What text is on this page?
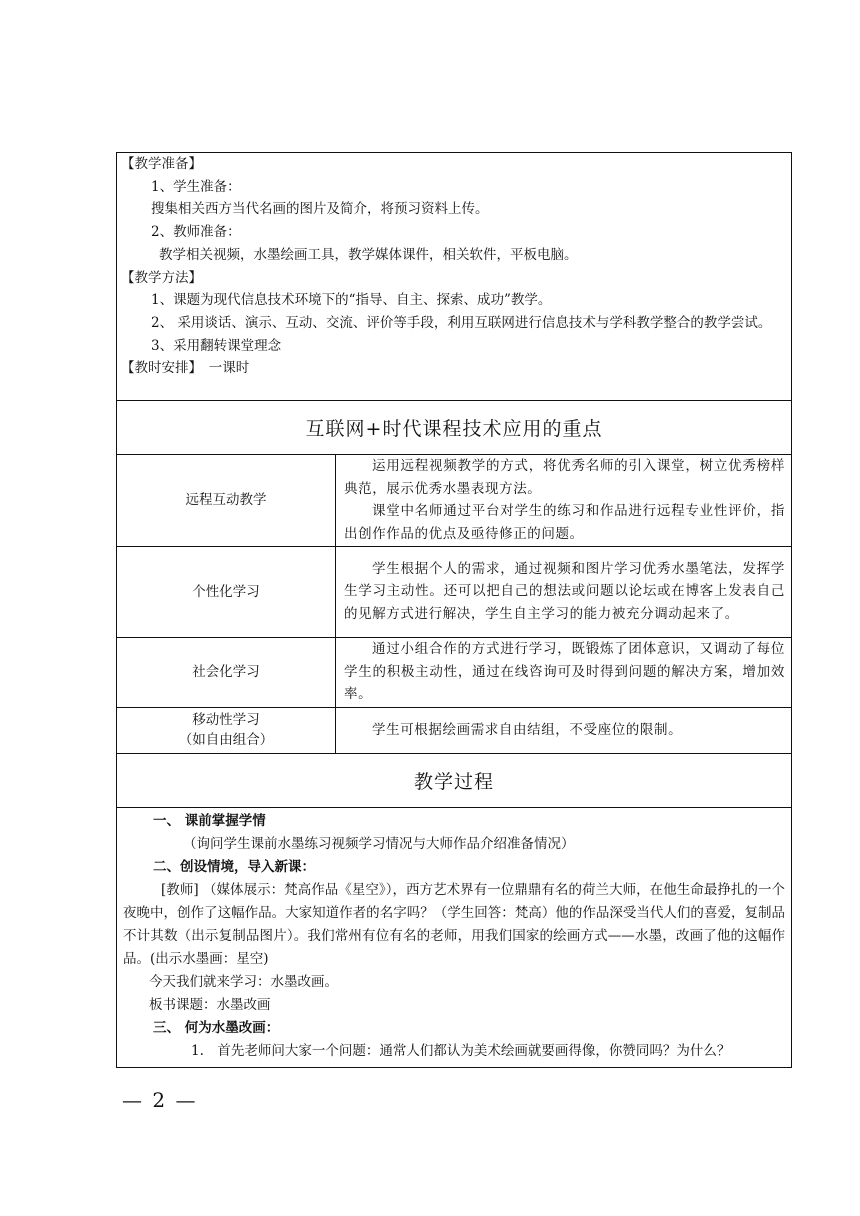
【教学准备】
1、学生准备：
搜集相关西方当代名画的图片及简介，将预习资料上传。
2、教师准备：
教学相关视频，水墨绘画工具，教学媒体课件，相关软件，平板电脑。
【教学方法】
1、课题为现代信息技术环境下的“指导、自主、探索、成功”教学。
2、 采用谈话、演示、互动、交流、评价等手段，利用互联网进行信息技术与学科教学整合的教学尝试。
3、采用翻转课堂理念
【教时安排】　一课时
互联网+时代课程技术应用的重点
远程互动教学	运用远程视频教学的方式，将优秀名师的引入课堂，树立优秀榜样典范，展示优秀水墨表现方法。
课堂中名师通过平台对学生的练习和作品进行远程专业性评价，指出创作作品的优点及亟待修正的问题。

个性化学习	学生根据个人的需求，通过视频和图片学习优秀水墨笔法，发挥学生学习主动性。还可以把自己的想法或问题以论坛或在博客上发表自己的见解方式进行解决，学生自主学习的能力被充分调动起来了。

社会化学习	通过小组合作的方式进行学习，既锻炼了团体意识，又调动了每位学生的积极主动性，通过在线咨询可及时得到问题的解决方案，增加效率。

移动性学习
（如自由组合）	学生可根据绘画需求自由结组，不受座位的限制。
教学过程
一、 课前掌握学情
（询问学生课前水墨练习视频学习情况与大师作品介绍准备情况）
二、创设情境，导入新课：
[教师] （媒体展示：梵高作品《星空》），西方艺术界有一位鼎鼎有名的荷兰大师，在他生命最挣扎的一个夜晚中，创作了这幅作品。大家知道作者的名字吗？（学生回答：梵高）他的作品深受当代人们的喜爱，复制品不计其数（出示复制品图片）。我们常州有位有名的老师，用我们国家的绘画方式——水墨，改画了他的这幅作品。(出示水墨画：星空)
今天我们就来学习：水墨改画。
板书课题：水墨改画
三、 何为水墨改画：
1.　首先老师问大家一个问题：通常人们都认为美术绘画就要画得像，你赞同吗？为什么？
— 2 —
